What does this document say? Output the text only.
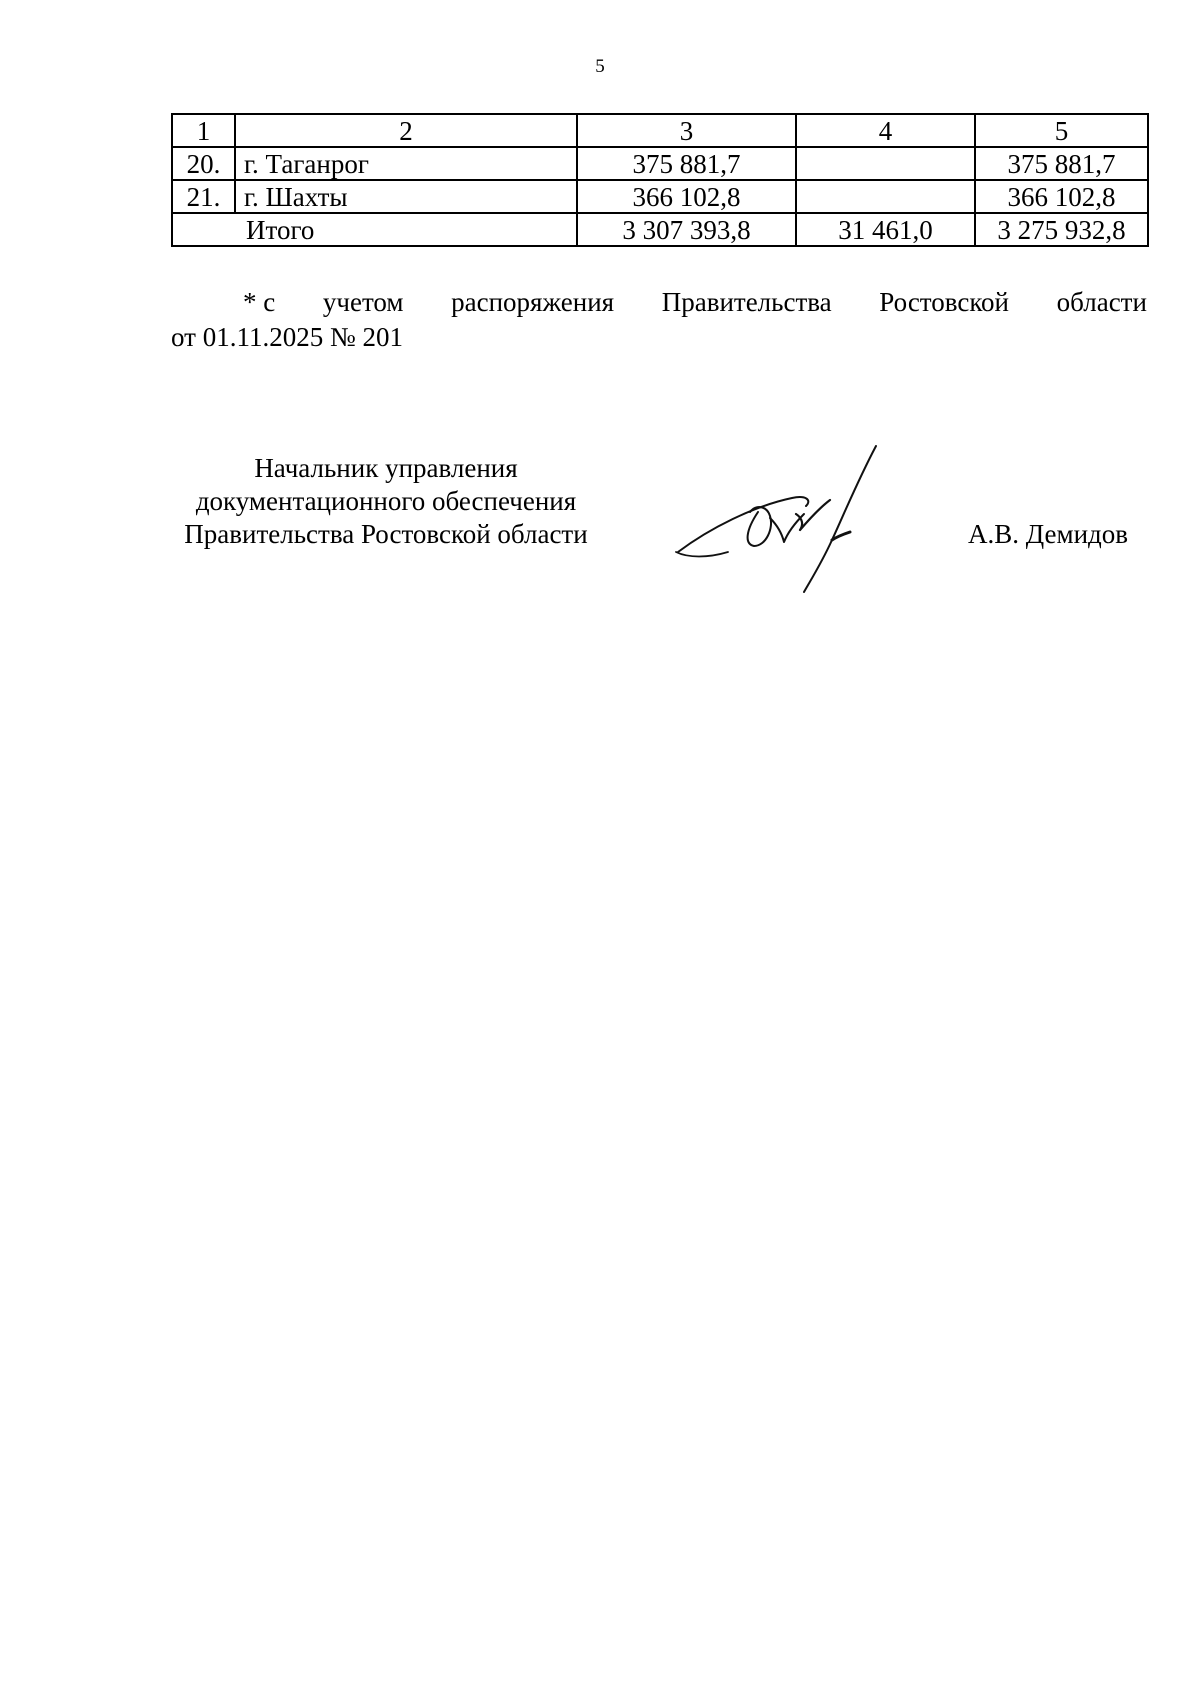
5
1	2	3	4	5
20.	г. Таганрог	375 881,7		375 881,7
21.	г. Шахты	366 102,8		366 102,8
Итого		3 307 393,8	31 461,0	3 275 932,8
* с учетом распоряжения Правительства Ростовской области
от 01.11.2025 № 201
Начальник управления
документационного обеспечения
Правительства Ростовской области	А.В. Демидов
